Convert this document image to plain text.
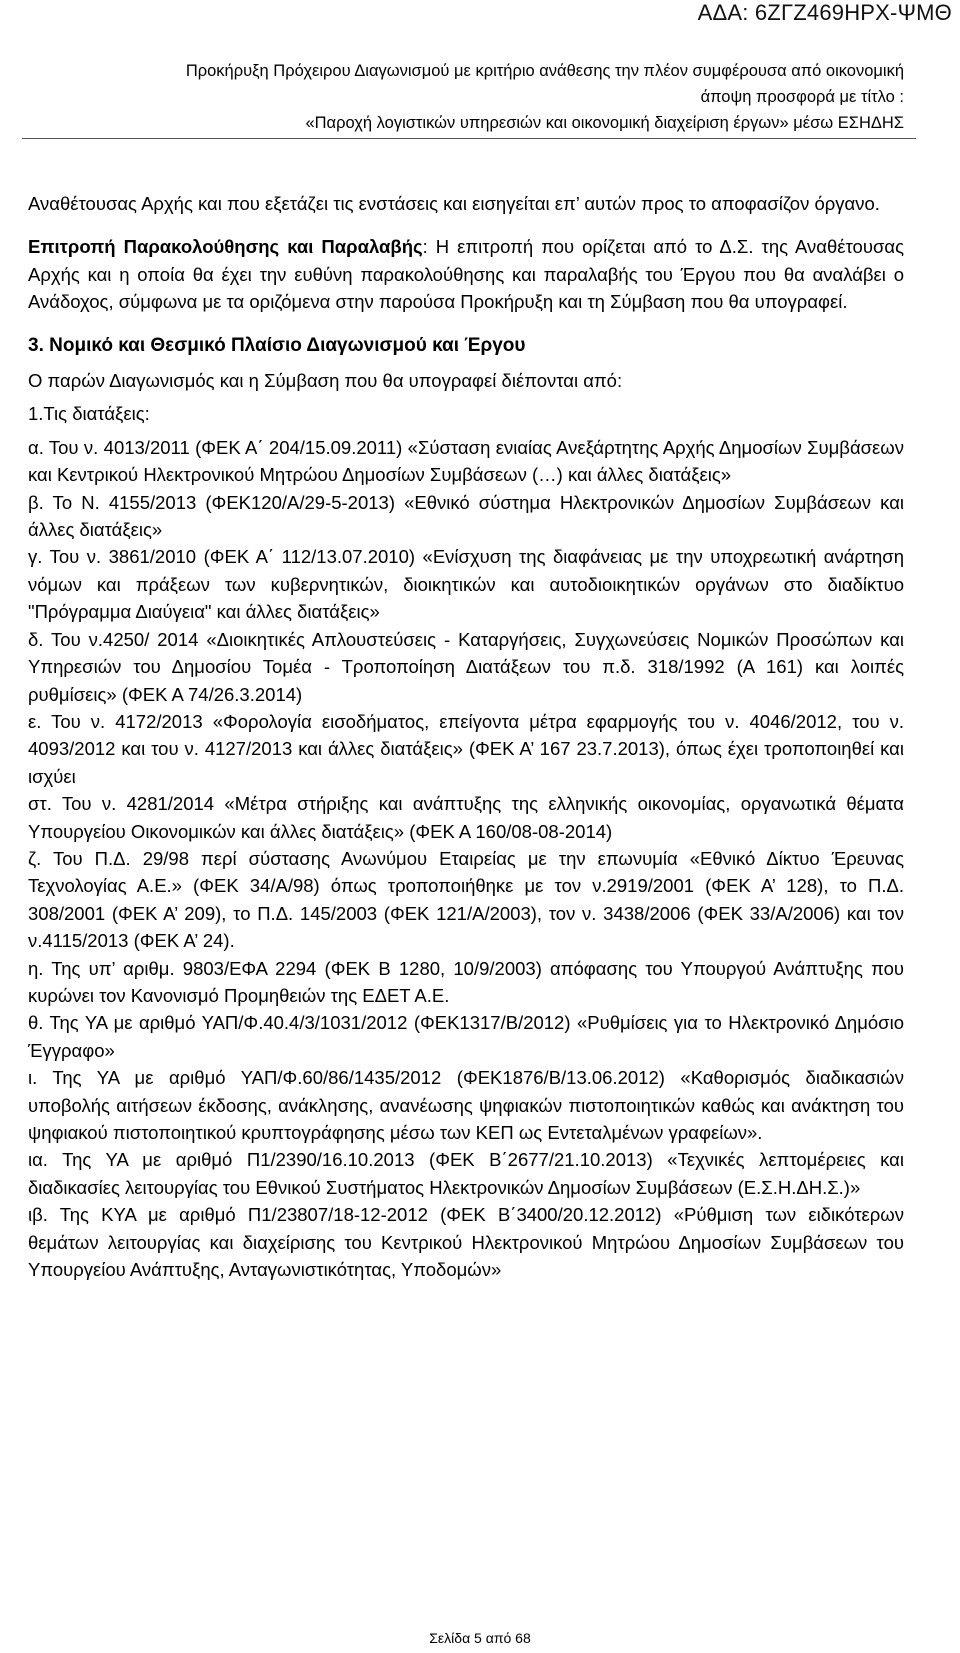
ΑΔΑ: 6ΖΓΖ469ΗΡΧ-ΨΜΘ
Προκήρυξη Πρόχειρου Διαγωνισμού με κριτήριο ανάθεσης την πλέον συμφέρουσα από οικονομική
άποψη προσφορά με τίτλο :
«Παροχή λογιστικών υπηρεσιών και οικονομική διαχείριση έργων» μέσω ΕΣΗΔΗΣ

Αναθέτουσας Αρχής και που εξετάζει τις ενστάσεις και εισηγείται επ’ αυτών προς το αποφασίζον όργανο.

Επιτροπή Παρακολούθησης και Παραλαβής: Η επιτροπή που ορίζεται από το Δ.Σ. της Αναθέτουσας Αρχής και η οποία θα έχει την ευθύνη παρακολούθησης και παραλαβής του Έργου που θα αναλάβει ο Ανάδοχος, σύμφωνα με τα οριζόμενα στην παρούσα Προκήρυξη και τη Σύμβαση που θα υπογραφεί.

3. Νομικό και Θεσμικό Πλαίσιο Διαγωνισμού και Έργου

Ο παρών Διαγωνισμός και η Σύμβαση που θα υπογραφεί διέπονται από:

1.Τις διατάξεις:

α. Του ν. 4013/2011 (ΦΕΚ Α΄ 204/15.09.2011) «Σύσταση ενιαίας Ανεξάρτητης Αρχής Δημοσίων Συμβάσεων και Κεντρικού Ηλεκτρονικού Μητρώου Δημοσίων Συμβάσεων (…) και άλλες διατάξεις»

β. Το Ν. 4155/2013 (ΦΕΚ120/Α/29-5-2013) «Εθνικό σύστημα Ηλεκτρονικών Δημοσίων Συμβάσεων και άλλες διατάξεις»

γ. Του ν. 3861/2010 (ΦΕΚ Α΄ 112/13.07.2010) «Ενίσχυση της διαφάνειας με την υποχρεωτική ανάρτηση νόμων και πράξεων των κυβερνητικών, διοικητικών και αυτοδιοικητικών οργάνων στο διαδίκτυο "Πρόγραμμα Διαύγεια" και άλλες διατάξεις»

δ. Του ν.4250/ 2014 «Διοικητικές Απλουστεύσεις - Καταργήσεις, Συγχωνεύσεις Νομικών Προσώπων και Υπηρεσιών του Δημοσίου Τομέα - Τροποποίηση Διατάξεων του π.δ. 318/1992 (Α 161) και λοιπές ρυθμίσεις» (ΦΕΚ Α 74/26.3.2014)

ε. Του ν. 4172/2013 «Φορολογία εισοδήματος, επείγοντα μέτρα εφαρμογής του ν. 4046/2012, του ν. 4093/2012 και του ν. 4127/2013 και άλλες διατάξεις» (ΦΕΚ Α’ 167 23.7.2013), όπως έχει τροποποιηθεί και ισχύει

στ. Του ν. 4281/2014 «Μέτρα στήριξης και ανάπτυξης της ελληνικής οικονομίας, οργανωτικά θέματα Υπουργείου Οικονομικών και άλλες διατάξεις» (ΦΕΚ Α 160/08-08-2014)

ζ. Του Π.Δ. 29/98 περί σύστασης Ανωνύμου Εταιρείας με την επωνυμία «Εθνικό Δίκτυο Έρευνας Τεχνολογίας Α.Ε.» (ΦΕΚ 34/Α/98) όπως τροποποιήθηκε με τον ν.2919/2001 (ΦΕΚ Α’ 128), το Π.Δ. 308/2001 (ΦΕΚ Α’ 209), το Π.Δ. 145/2003 (ΦΕΚ 121/Α/2003), τον ν. 3438/2006 (ΦΕΚ 33/Α/2006) και τον ν.4115/2013 (ΦΕΚ Α’ 24).

η. Της υπ’ αριθμ. 9803/ΕΦΑ 2294 (ΦΕΚ Β 1280, 10/9/2003) απόφασης του Υπουργού Ανάπτυξης που κυρώνει τον Κανονισμό Προμηθειών της ΕΔΕΤ Α.Ε.

θ. Της ΥΑ με αριθμό ΥΑΠ/Φ.40.4/3/1031/2012 (ΦΕΚ1317/Β/2012) «Ρυθμίσεις για το Ηλεκτρονικό Δημόσιο Έγγραφο»

ι. Της ΥΑ με αριθμό ΥΑΠ/Φ.60/86/1435/2012 (ΦΕΚ1876/Β/13.06.2012) «Καθορισμός διαδικασιών υποβολής αιτήσεων έκδοσης, ανάκλησης, ανανέωσης ψηφιακών πιστοποιητικών καθώς και ανάκτηση του ψηφιακού πιστοποιητικού κρυπτογράφησης μέσω των ΚΕΠ ως Εντεταλμένων γραφείων».

ια. Της ΥΑ με αριθμό Π1/2390/16.10.2013 (ΦΕΚ Β΄2677/21.10.2013) «Τεχνικές λεπτομέρειες και διαδικασίες λειτουργίας του Εθνικού Συστήματος Ηλεκτρονικών Δημοσίων Συμβάσεων (Ε.Σ.Η.ΔΗ.Σ.)»

ιβ. Της ΚΥΑ με αριθμό Π1/23807/18-12-2012 (ΦΕΚ Β΄3400/20.12.2012) «Ρύθμιση των ειδικότερων θεμάτων λειτουργίας και διαχείρισης του Κεντρικού Ηλεκτρονικού Μητρώου Δημοσίων Συμβάσεων του Υπουργείου Ανάπτυξης, Ανταγωνιστικότητας, Υποδομών»

Σελίδα 5 από 68
